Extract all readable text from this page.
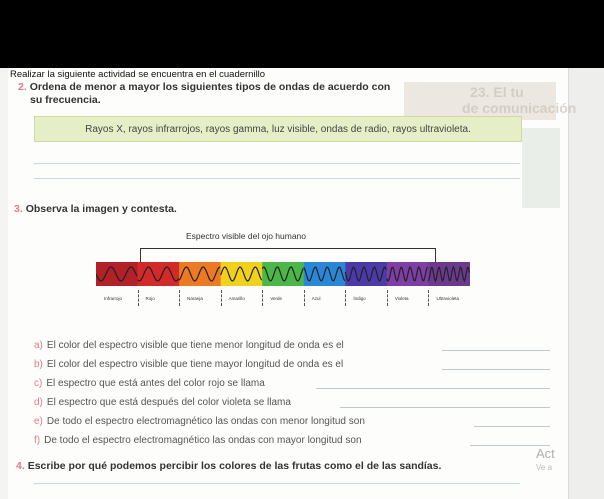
23. El tu
de comunicación
Realizar la siguiente actividad se encuentra en el cuadernillo
2. Ordena de menor a mayor los siguientes tipos de ondas de acuerdo con
su frecuencia.
Rayos X, rayos infrarrojos, rayos gamma, luz visible, ondas de radio, rayos ultravioleta.
3. Observa la imagen y contesta.
Espectro visible del ojo humano
Infrarrojo	Rojo	Naranja	Amarillo	Verde	Azul	Índigo	Violeta	Ultravioleta
a) El color del espectro visible que tiene menor longitud de onda es el
b) El color del espectro visible que tiene mayor longitud de onda es el
c) El espectro que está antes del color rojo se llama
d) El espectro que está después del color violeta se llama
e) De todo el espectro electromagnético las ondas con menor longitud son
f) De todo el espectro electromagnético las ondas con mayor longitud son
4. Escribe por qué podemos percibir los colores de las frutas como el de las sandías.
Act
Ve a
